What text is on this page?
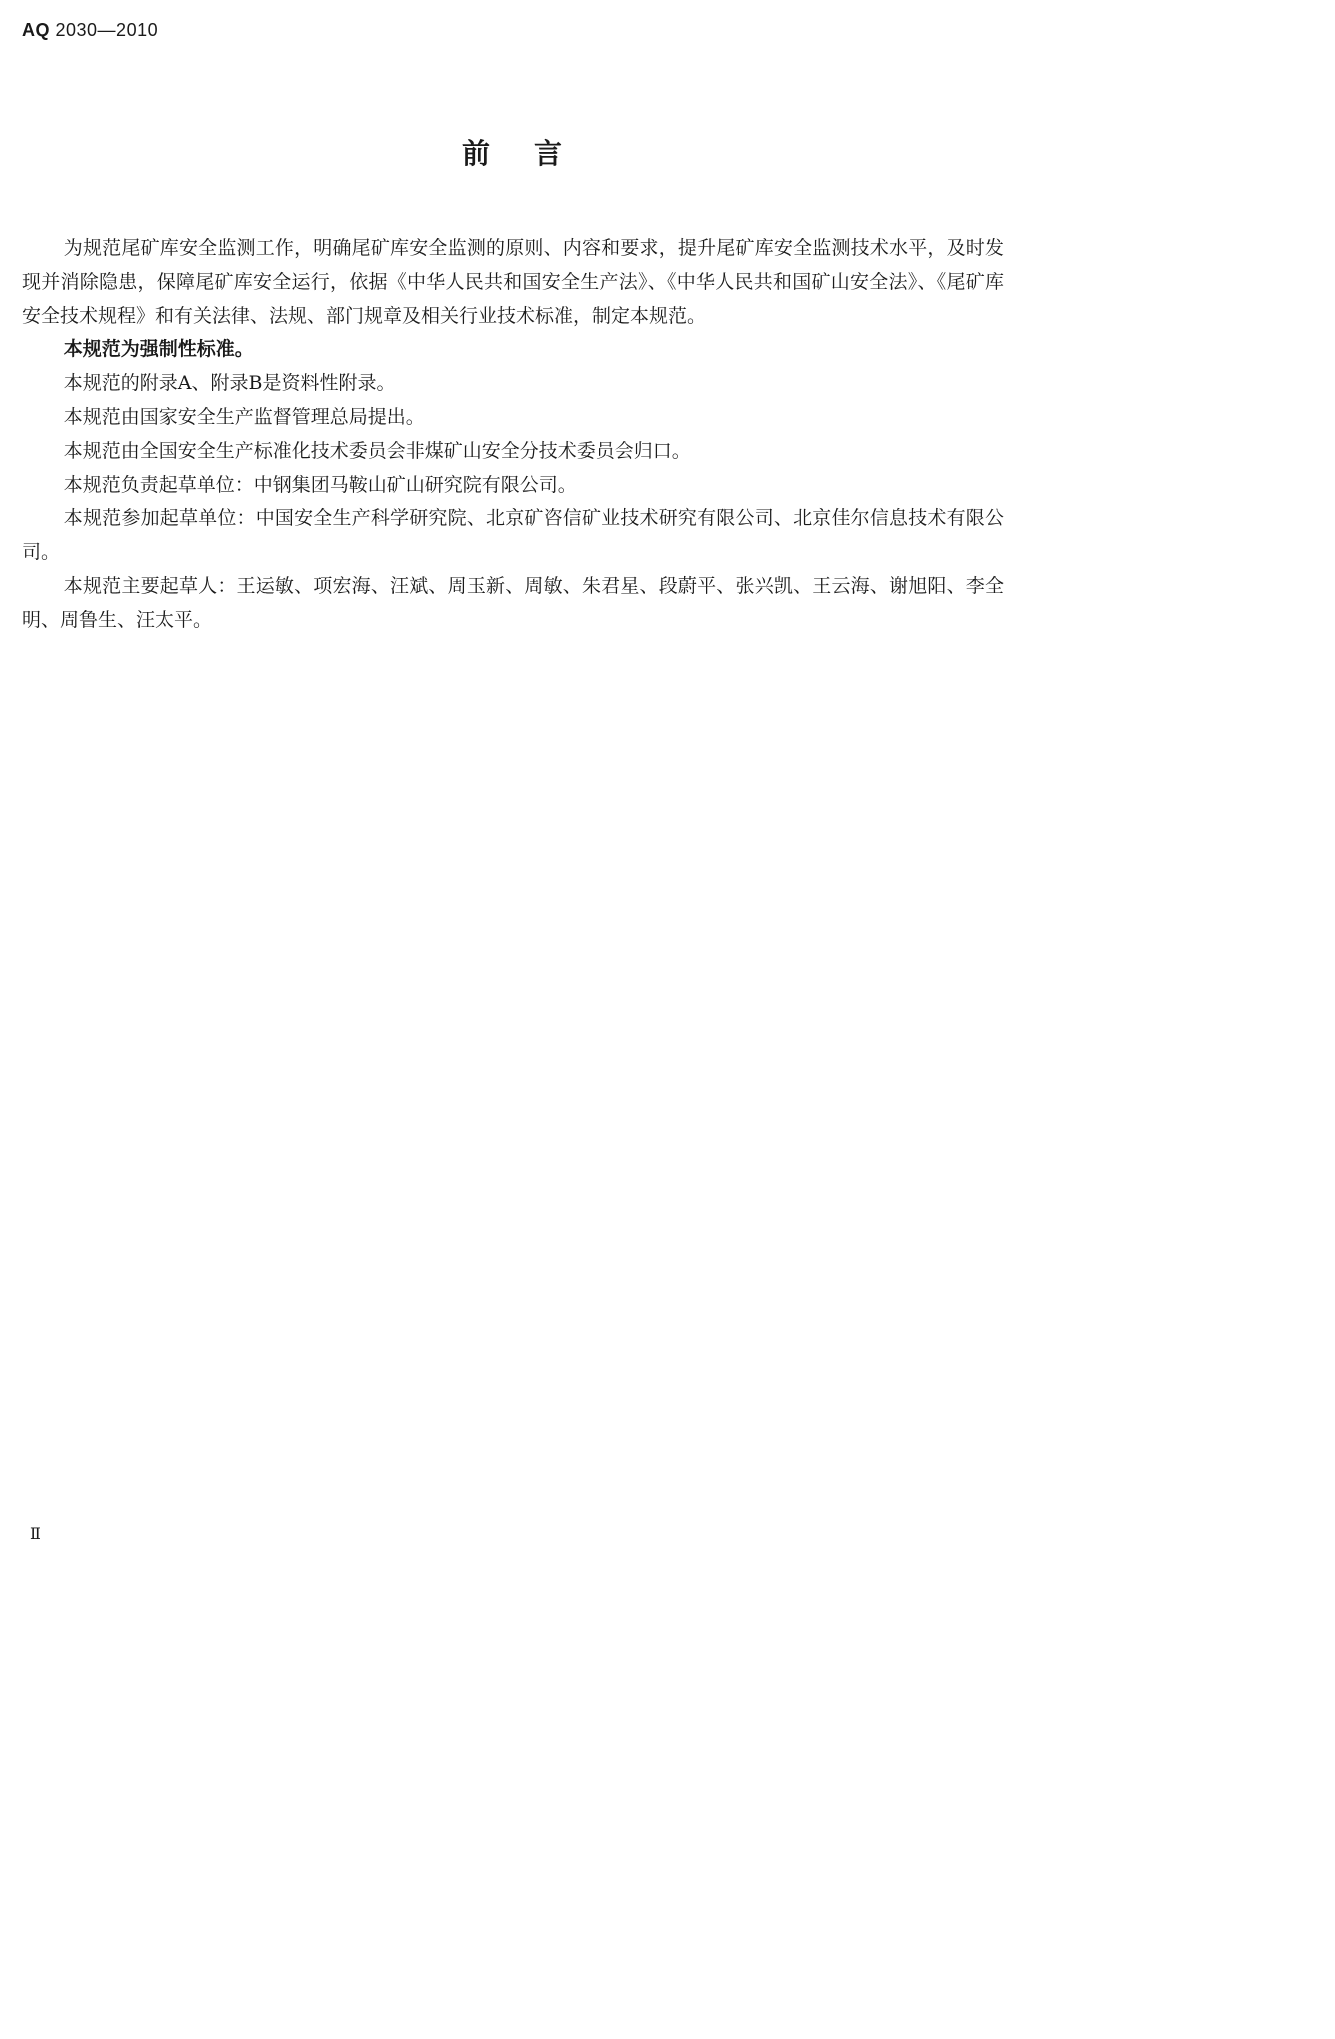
AQ 2030—2010
前言

为规范尾矿库安全监测工作，明确尾矿库安全监测的原则、内容和要求，提升尾矿库安全监测技术水平，及时发现并消除隐患，保障尾矿库安全运行，依据《中华人民共和国安全生产法》、《中华人民共和国矿山安全法》、《尾矿库安全技术规程》和有关法律、法规、部门规章及相关行业技术标准，制定本规范。

本规范为强制性标准。

本规范的附录A、附录B是资料性附录。

本规范由国家安全生产监督管理总局提出。

本规范由全国安全生产标准化技术委员会非煤矿山安全分技术委员会归口。

本规范负责起草单位：中钢集团马鞍山矿山研究院有限公司。

本规范参加起草单位：中国安全生产科学研究院、北京矿咨信矿业技术研究有限公司、北京佳尔信息技术有限公司。

本规范主要起草人：王运敏、项宏海、汪斌、周玉新、周敏、朱君星、段蔚平、张兴凯、王云海、谢旭阳、李全明、周鲁生、汪太平。

Ⅱ
